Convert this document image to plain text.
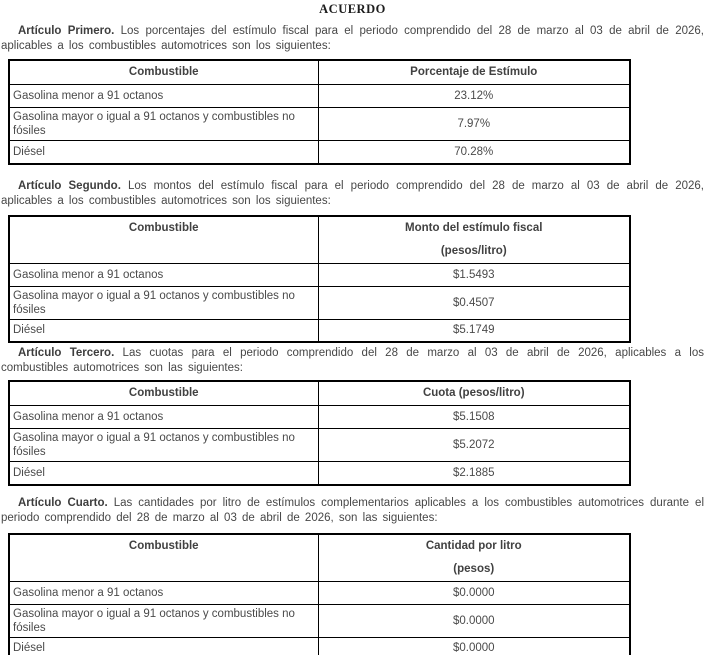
ACUERDO

Artículo Primero. Los porcentajes del estímulo fiscal para el periodo comprendido del 28 de marzo al 03 de abril de 2026, aplicables a los combustibles automotrices son los siguientes:

Combustible	Porcentaje de Estímulo

Gasolina menor a 91 octanos	23.12%
Gasolina mayor o igual a 91 octanos y combustibles no fósiles	7.97%
Diésel	70.28%

Artículo Segundo. Los montos del estímulo fiscal para el periodo comprendido del 28 de marzo al 03 de abril de 2026, aplicables a los combustibles automotrices son los siguientes:

Combustible	Monto del estímulo fiscal
(pesos/litro)

Gasolina menor a 91 octanos	$1.5493
Gasolina mayor o igual a 91 octanos y combustibles no fósiles	$0.4507
Diésel	$5.1749

Artículo Tercero. Las cuotas para el periodo comprendido del 28 de marzo al 03 de abril de 2026, aplicables a los combustibles automotrices son las siguientes:

Combustible	Cuota (pesos/litro)

Gasolina menor a 91 octanos	$5.1508
Gasolina mayor o igual a 91 octanos y combustibles no fósiles	$5.2072
Diésel	$2.1885

Artículo Cuarto. Las cantidades por litro de estímulos complementarios aplicables a los combustibles automotrices durante el periodo comprendido del 28 de marzo al 03 de abril de 2026, son las siguientes:

Combustible	Cantidad por litro
(pesos)

Gasolina menor a 91 octanos	$0.0000
Gasolina mayor o igual a 91 octanos y combustibles no fósiles	$0.0000
Diésel	$0.0000
